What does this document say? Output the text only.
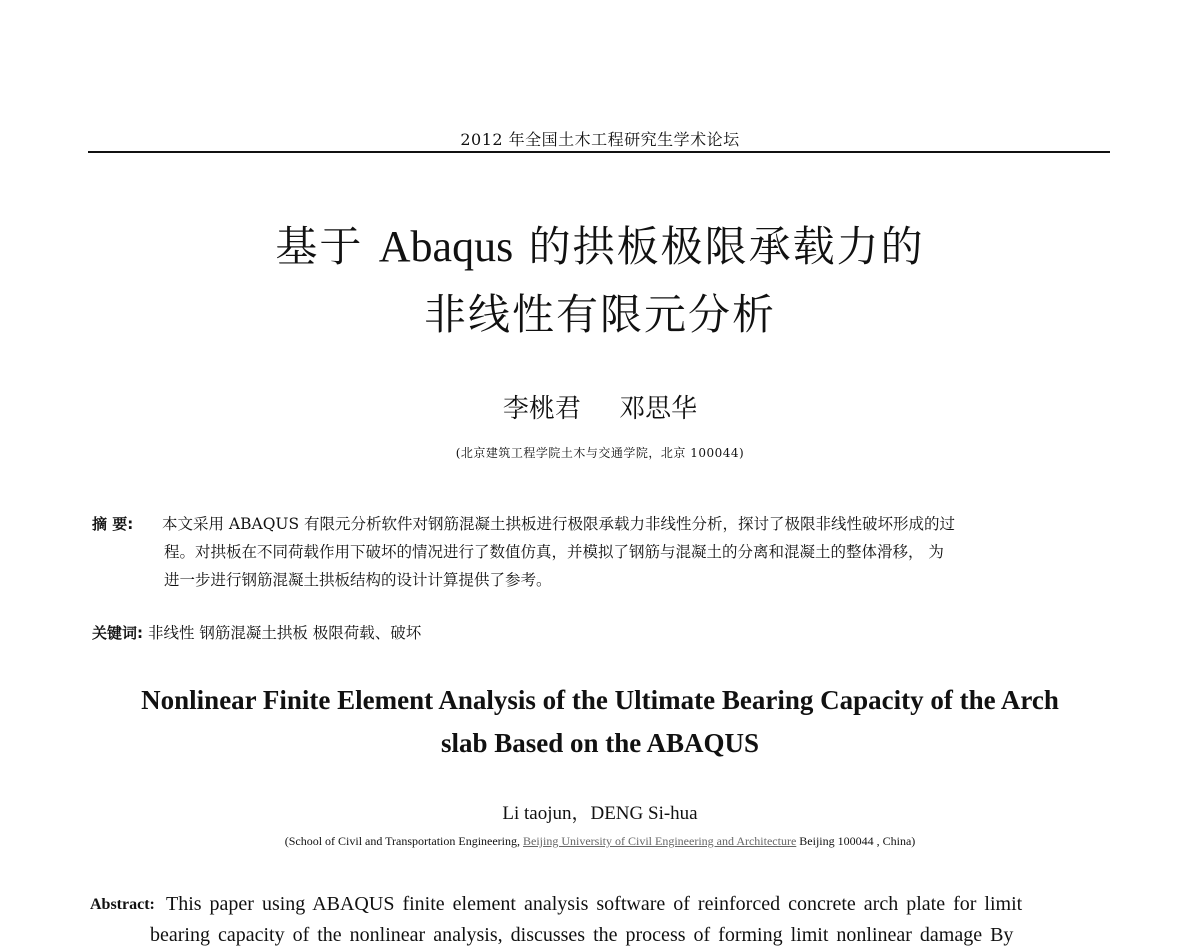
2012 年全国土木工程研究生学术论坛
基于 Abaqus 的拱板极限承载力的
非线性有限元分析
李桃君 邓思华
(北京建筑工程学院土木与交通学院，北京 100044)
摘 要: 本文采用 ABAQUS 有限元分析软件对钢筋混凝土拱板进行极限承载力非线性分析，探讨了极限非线性破坏形成的过
程。对拱板在不同荷载作用下破坏的情况进行了数值仿真，并模拟了钢筋与混凝土的分离和混凝土的整体滑移， 为
进一步进行钢筋混凝土拱板结构的设计计算提供了参考。
关键词: 非线性 钢筋混凝土拱板 极限荷载、破坏
Nonlinear Finite Element Analysis of the Ultimate Bearing Capacity of the Arch
slab Based on the ABAQUS
Li taojun，DENG Si-hua
(School of Civil and Transportation Engineering, Beijing University of Civil Engineering and Architecture Beijing 100044 , China)
Abstract: This paper using ABAQUS finite element analysis software of reinforced concrete arch plate for limit
bearing capacity of the nonlinear analysis, discusses the process of forming limit nonlinear damage By
